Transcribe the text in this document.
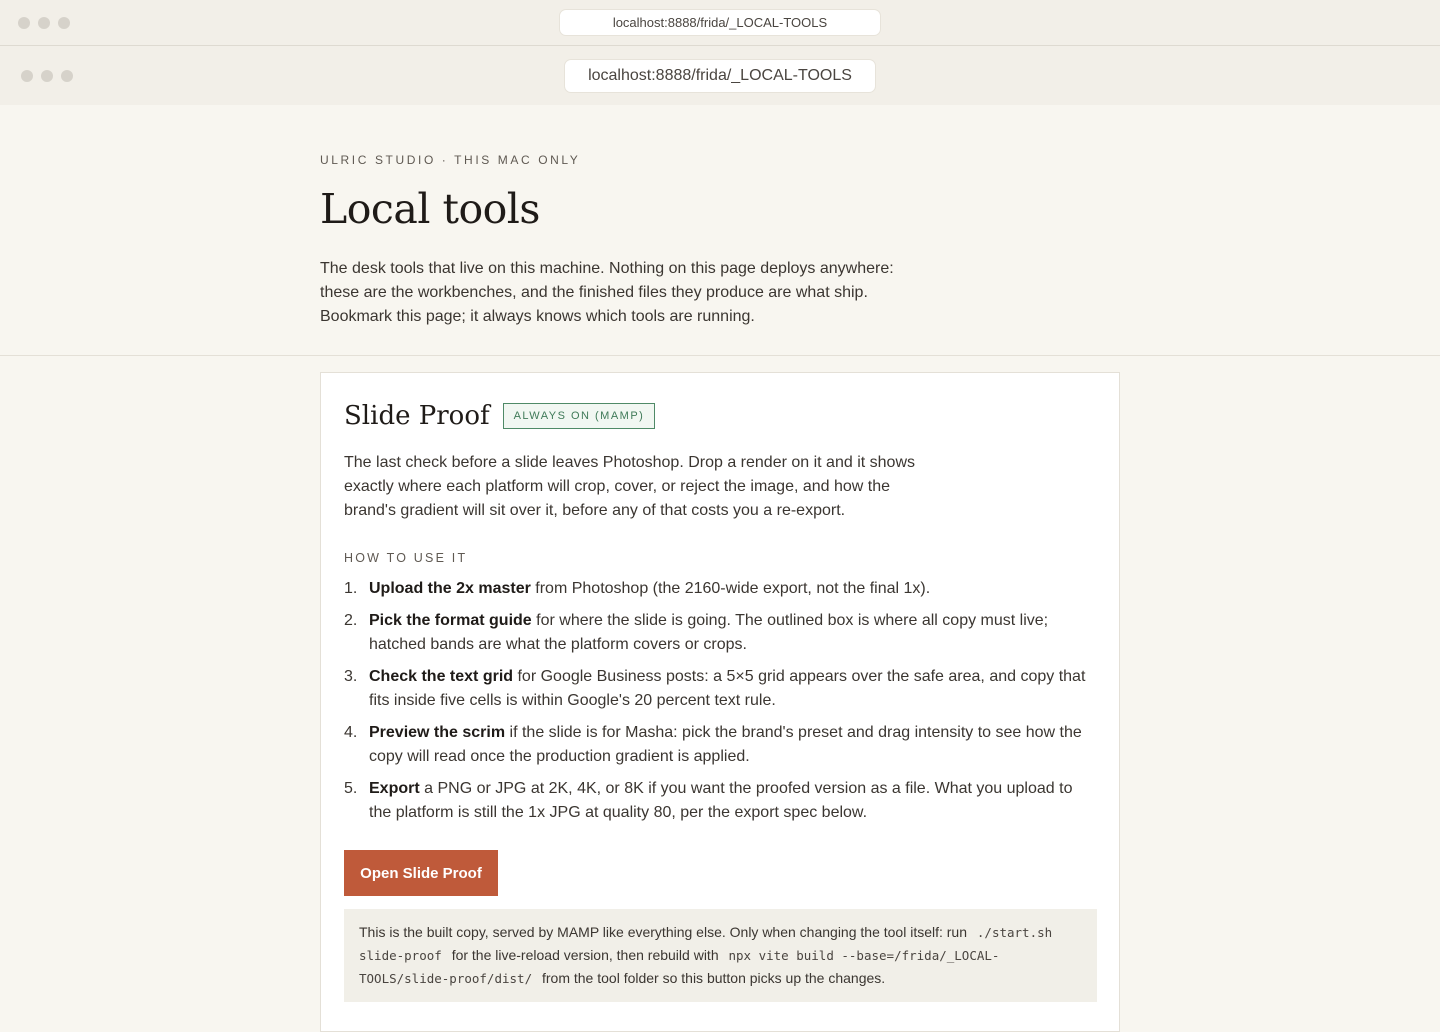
localhost:8888/frida/_LOCAL-TOOLS
localhost:8888/frida/_LOCAL-TOOLS

ULRIC STUDIO · THIS MAC ONLY

Local tools

The desk tools that live on this machine. Nothing on this page deploys anywhere: these are the workbenches, and the finished files they produce are what ship. Bookmark this page; it always knows which tools are running.

Slide Proof	ALWAYS ON (MAMP)

The last check before a slide leaves Photoshop. Drop a render on it and it shows exactly where each platform will crop, cover, or reject the image, and how the brand's gradient will sit over it, before any of that costs you a re-export.

HOW TO USE IT

1. Upload the 2x master from Photoshop (the 2160-wide export, not the final 1x).
2. Pick the format guide for where the slide is going. The outlined box is where all copy must live; hatched bands are what the platform covers or crops.
3. Check the text grid for Google Business posts: a 5×5 grid appears over the safe area, and copy that fits inside five cells is within Google's 20 percent text rule.
4. Preview the scrim if the slide is for Masha: pick the brand's preset and drag intensity to see how the copy will read once the production gradient is applied.
5. Export a PNG or JPG at 2K, 4K, or 8K if you want the proofed version as a file. What you upload to the platform is still the 1x JPG at quality 80, per the export spec below.
Open Slide Proof
This is the built copy, served by MAMP like everything else. Only when changing the tool itself: run ./start.sh slide-proof for the live-reload version, then rebuild with npx vite build --base=/frida/_LOCAL-TOOLS/slide-proof/dist/ from the tool folder so this button picks up the changes.
